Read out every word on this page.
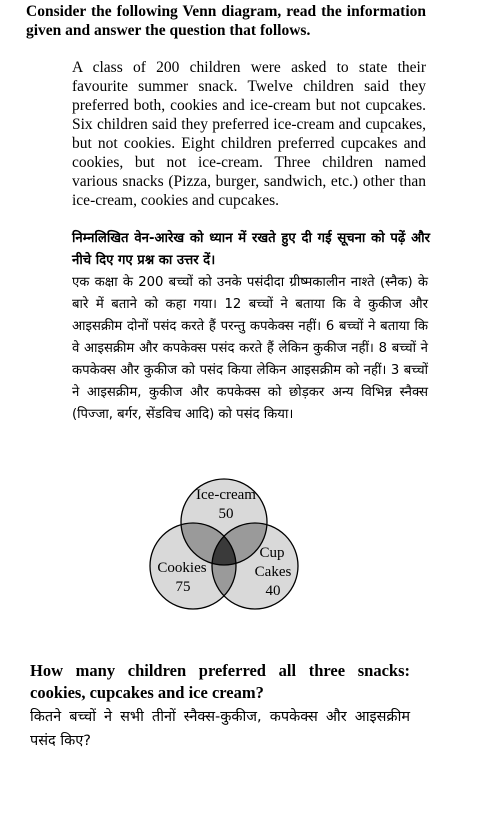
Consider the following Venn diagram, read the information given and answer the question that follows.
A class of 200 children were asked to state their favourite summer snack. Twelve children said they preferred both, cookies and ice-cream but not cupcakes. Six children said they preferred ice-cream and cupcakes, but not cookies. Eight children preferred cupcakes and cookies, but not ice-cream. Three children named various snacks (Pizza, burger, sandwich, etc.) other than ice-cream, cookies and cupcakes.
निम्नलिखित वेन-आरेख को ध्यान में रखते हुए दी गई सूचना को पढ़ें और नीचे दिए गए प्रश्न का उत्तर दें।
एक कक्षा के 200 बच्चों को उनके पसंदीदा ग्रीष्मकालीन नाश्ते (स्नैक) के बारे में बताने को कहा गया। 12 बच्चों ने बताया कि वे कुकीज और आइसक्रीम दोनों पसंद करते हैं परन्तु कपकेक्स नहीं। 6 बच्चों ने बताया कि वे आइसक्रीम और कपकेक्स पसंद करते हैं लेकिन कुकीज नहीं। 8 बच्चों ने कपकेक्स और कुकीज को पसंद किया लेकिन आइसक्रीम को नहीं। 3 बच्चों ने आइसक्रीम, कुकीज और कपकेक्स को छोड़कर अन्य विभिन्न स्नैक्स (पिज्जा, बर्गर, सेंडविच आदि) को पसंद किया।
Ice-cream
50
Cookies
75
Cup
Cakes
40
How many children preferred all three snacks: cookies, cupcakes and ice cream?
कितने बच्चों ने सभी तीनों स्नैक्स-कुकीज, कपकेक्स और आइसक्रीम पसंद किए?
